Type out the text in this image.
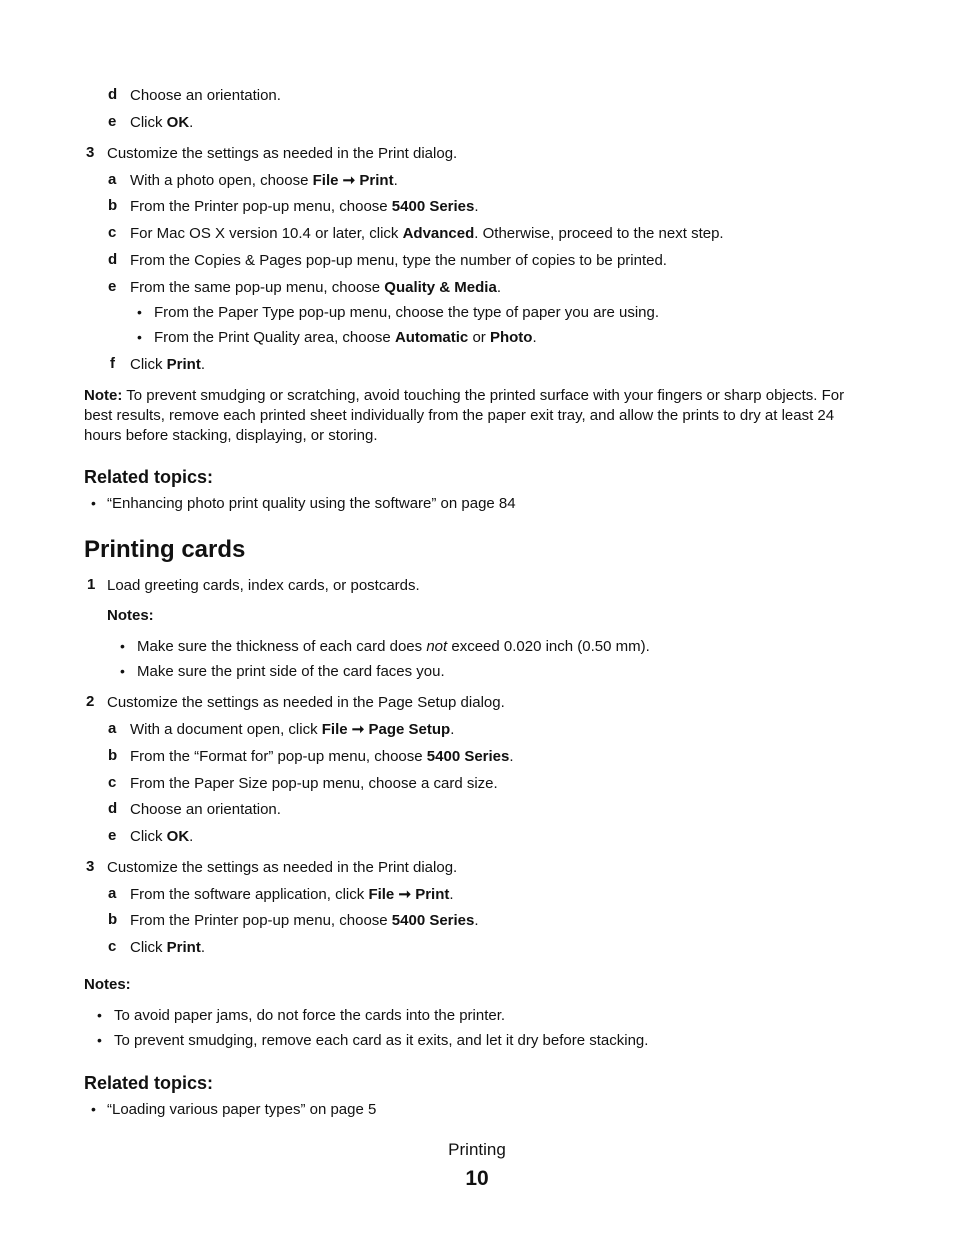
d Choose an orientation.
e Click OK.
3 Customize the settings as needed in the Print dialog.
a With a photo open, choose File ➞ Print.
b From the Printer pop-up menu, choose 5400 Series.
c For Mac OS X version 10.4 or later, click Advanced. Otherwise, proceed to the next step.
d From the Copies & Pages pop-up menu, type the number of copies to be printed.
e From the same pop-up menu, choose Quality & Media.
• From the Paper Type pop-up menu, choose the type of paper you are using.
• From the Print Quality area, choose Automatic or Photo.
f Click Print.
Note: To prevent smudging or scratching, avoid touching the printed surface with your fingers or sharp objects. For
best results, remove each printed sheet individually from the paper exit tray, and allow the prints to dry at least 24
hours before stacking, displaying, or storing.
Related topics:
• “Enhancing photo print quality using the software” on page 84
Printing cards
1 Load greeting cards, index cards, or postcards.
Notes:
• Make sure the thickness of each card does not exceed 0.020 inch (0.50 mm).
• Make sure the print side of the card faces you.
2 Customize the settings as needed in the Page Setup dialog.
a With a document open, click File ➞ Page Setup.
b From the “Format for” pop-up menu, choose 5400 Series.
c From the Paper Size pop-up menu, choose a card size.
d Choose an orientation.
e Click OK.
3 Customize the settings as needed in the Print dialog.
a From the software application, click File ➞ Print.
b From the Printer pop-up menu, choose 5400 Series.
c Click Print.
Notes:
• To avoid paper jams, do not force the cards into the printer.
• To prevent smudging, remove each card as it exits, and let it dry before stacking.
Related topics:
• “Loading various paper types” on page 5
Printing
10
